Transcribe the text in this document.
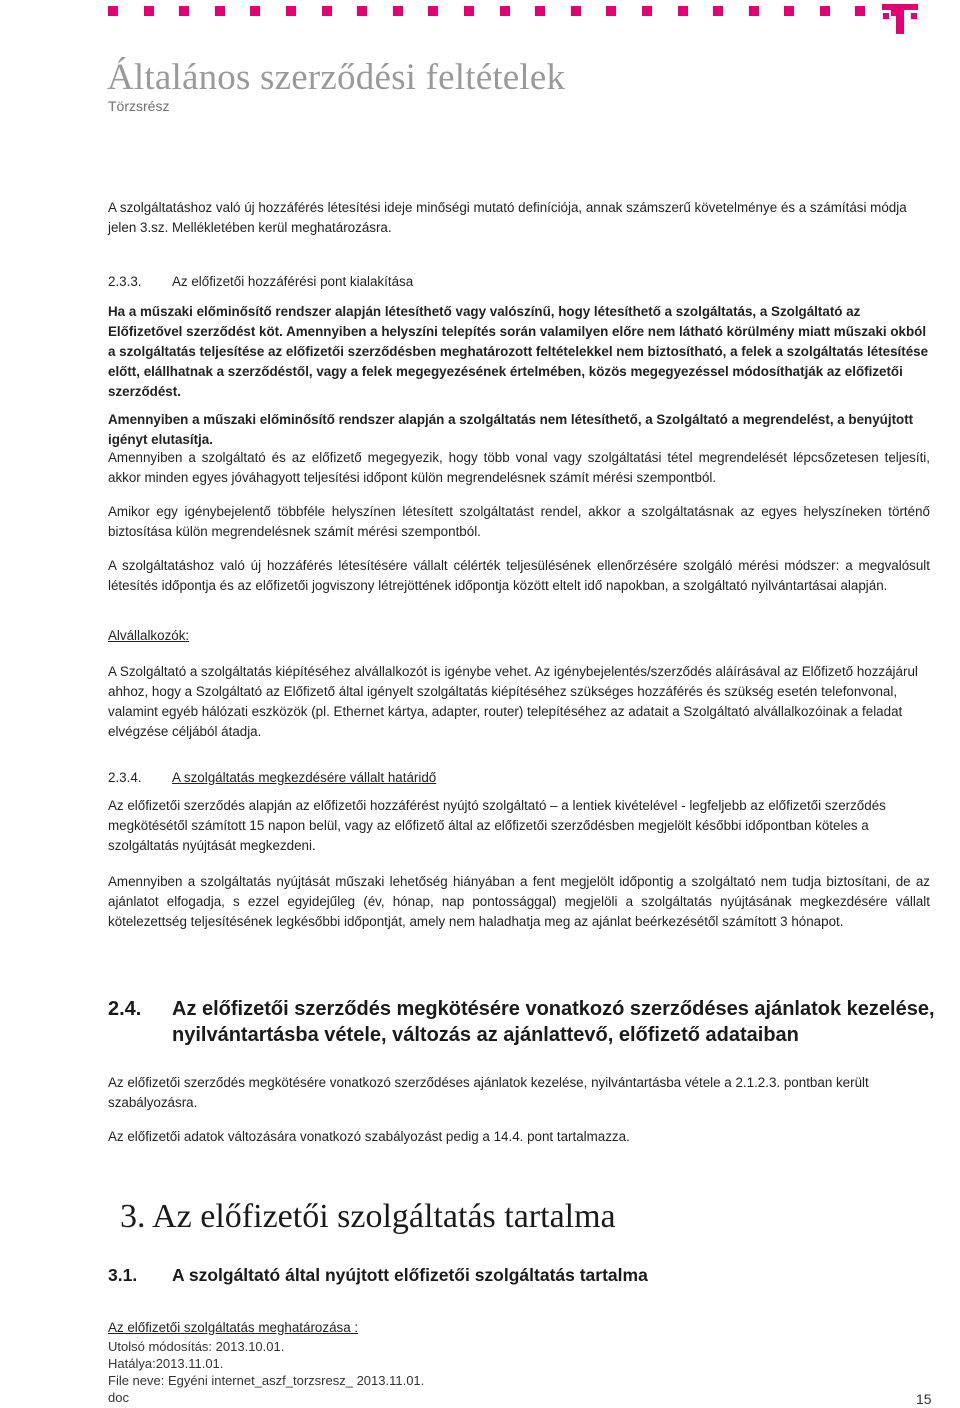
Általános szerződési feltételek
Törzsrész

A szolgáltatáshoz való új hozzáférés létesítési ideje minőségi mutató definíciója, annak számszerű követelménye és a számítási módja jelen 3.sz. Mellékletében kerül meghatározásra.

2.3.3. Az előfizetői hozzáférési pont kialakítása

Ha a műszaki előminősítő rendszer alapján létesíthető vagy valószínű, hogy létesíthető a szolgáltatás, a Szolgáltató az Előfizetővel szerződést köt. Amennyiben a helyszíni telepítés során valamilyen előre nem látható körülmény miatt műszaki okból a szolgáltatás teljesítése az előfizetői szerződésben meghatározott feltételekkel nem biztosítható, a felek a szolgáltatás létesítése előtt, elállhatnak a szerződéstől, vagy a felek megegyezésének értelmében, közös megegyezéssel módosíthatják az előfizetői szerződést.

Amennyiben a műszaki előminősítő rendszer alapján a szolgáltatás nem létesíthető, a Szolgáltató a megrendelést, a benyújtott igényt elutasítja.

Amennyiben a szolgáltató és az előfizető megegyezik, hogy több vonal vagy szolgáltatási tétel megrendelését lépcsőzetesen teljesíti, akkor minden egyes jóváhagyott teljesítési időpont külön megrendelésnek számít mérési szempontból.

Amikor egy igénybejelentő többféle helyszínen létesített szolgáltatást rendel, akkor a szolgáltatásnak az egyes helyszíneken történő biztosítása külön megrendelésnek számít mérési szempontból.

A szolgáltatáshoz való új hozzáférés létesítésére vállalt célérték teljesülésének ellenőrzésére szolgáló mérési módszer: a megvalósult létesítés időpontja és az előfizetői jogviszony létrejöttének időpontja között eltelt idő napokban, a szolgáltató nyilvántartásai alapján.

Alvállalkozók:

A Szolgáltató a szolgáltatás kiépítéséhez alvállalkozót is igénybe vehet. Az igénybejelentés/szerződés aláírásával az Előfizető hozzájárul ahhoz, hogy a Szolgáltató az Előfizető által igényelt szolgáltatás kiépítéséhez szükséges hozzáférés és szükség esetén telefonvonal, valamint egyéb hálózati eszközök (pl. Ethernet kártya, adapter, router) telepítéséhez az adatait a Szolgáltató alvállalkozóinak a feladat elvégzése céljából átadja.

2.3.4. A szolgáltatás megkezdésére vállalt határidő

Az előfizetői szerződés alapján az előfizetői hozzáférést nyújtó szolgáltató – a lentiek kivételével - legfeljebb az előfizetői szerződés megkötésétől számított 15 napon belül, vagy az előfizető által az előfizetői szerződésben megjelölt későbbi időpontban köteles a szolgáltatás nyújtását megkezdeni.

Amennyiben a szolgáltatás nyújtását műszaki lehetőség hiányában a fent megjelölt időpontig a szolgáltató nem tudja biztosítani, de az ajánlatot elfogadja, s ezzel egyidejűleg (év, hónap, nap pontossággal) megjelöli a szolgáltatás nyújtásának megkezdésére vállalt kötelezettség teljesítésének legkésőbbi időpontját, amely nem haladhatja meg az ajánlat beérkezésétől számított 3 hónapot.

2.4.	Az előfizetői szerződés megkötésére vonatkozó szerződéses ajánlatok kezelése, nyilvántartásba vétele, változás az ajánlattevő, előfizető adataiban

Az előfizetői szerződés megkötésére vonatkozó szerződéses ajánlatok kezelése, nyilvántartásba vétele a 2.1.2.3. pontban került szabályozásra.

Az előfizetői adatok változására vonatkozó szabályozást pedig a 14.4. pont tartalmazza.

3. Az előfizetői szolgáltatás tartalma
3.1. A szolgáltató által nyújtott előfizetői szolgáltatás tartalma
Az előfizetői szolgáltatás meghatározása :
Utolsó módosítás: 2013.10.01.
Hatálya:2013.11.01.
File neve: Egyéni internet_aszf_torzsresz_ 2013.11.01.
doc	15
